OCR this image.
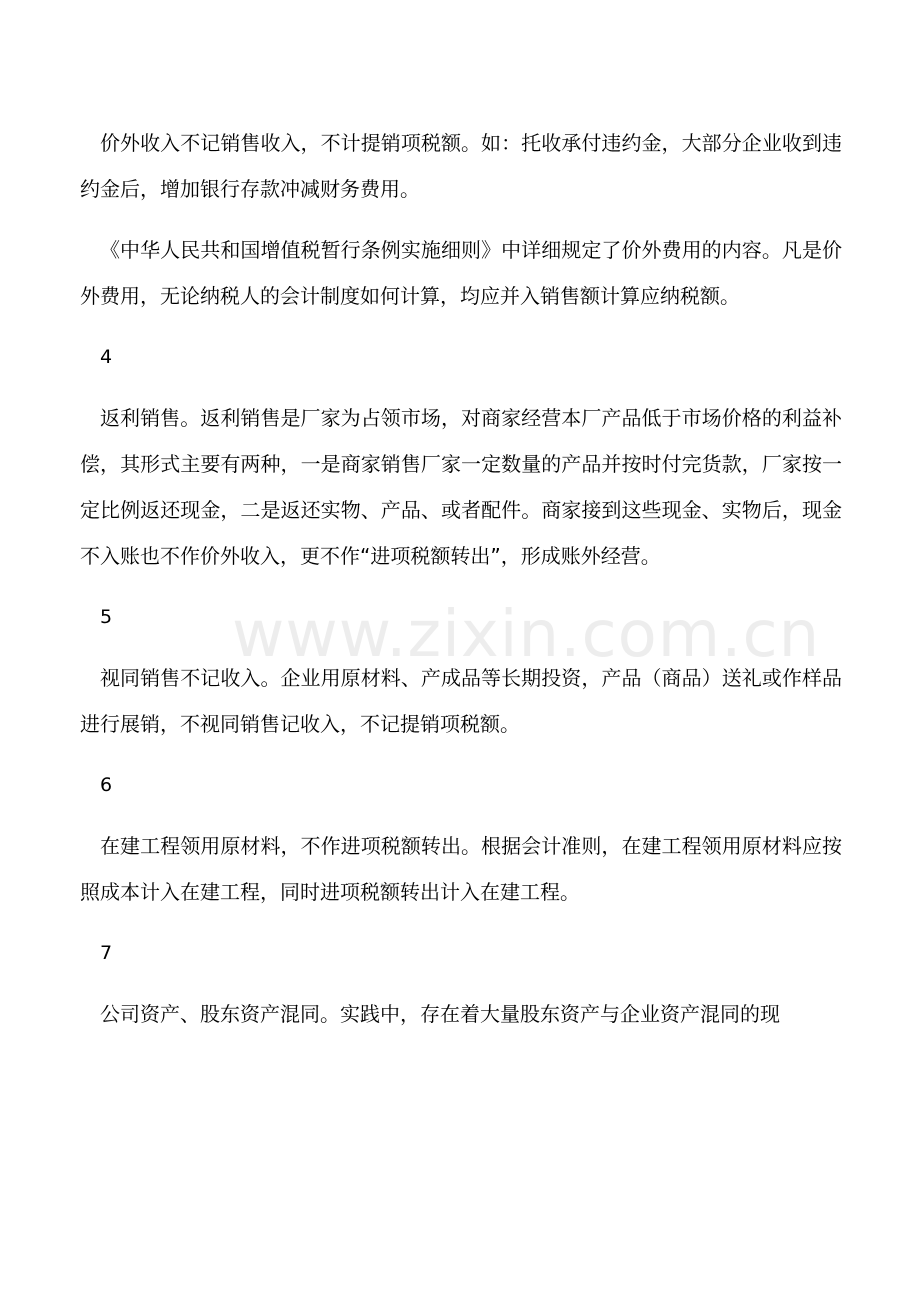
www.zixin.com.cn

价外收入不记销售收入，不计提销项税额。如：托收承付违约金，大部分企业收到违约金后，增加银行存款冲减财务费用。

《中华人民共和国增值税暂行条例实施细则》中详细规定了价外费用的内容。凡是价外费用，无论纳税人的会计制度如何计算，均应并入销售额计算应纳税额。

4

返利销售。返利销售是厂家为占领市场，对商家经营本厂产品低于市场价格的利益补偿，其形式主要有两种，一是商家销售厂家一定数量的产品并按时付完货款，厂家按一定比例返还现金，二是返还实物、产品、或者配件。商家接到这些现金、实物后，现金不入账也不作价外收入，更不作“进项税额转出”，形成账外经营。

5

视同销售不记收入。企业用原材料、产成品等长期投资，产品（商品）送礼或作样品进行展销，不视同销售记收入，不记提销项税额。

6

在建工程领用原材料，不作进项税额转出。根据会计准则，在建工程领用原材料应按照成本计入在建工程，同时进项税额转出计入在建工程。

7

公司资产、股东资产混同。实践中，存在着大量股东资产与企业资产混同的现
